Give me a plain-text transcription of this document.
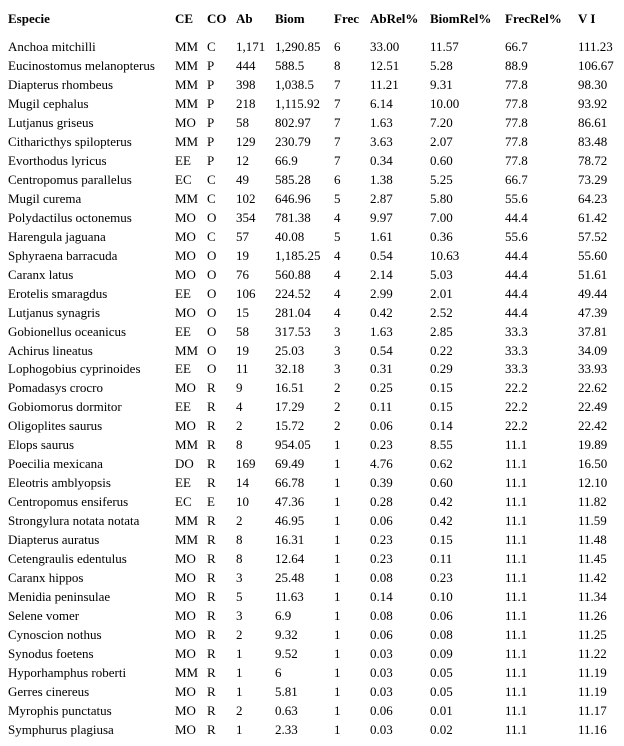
Especie	CE CO Ab Biom Frec AbRel% BiomRel% FrecRel% V I
Anchoa mitchilli	MM C 1,171 1,290.85 6 33.00 11.57	66.7	111.23
Eucinostomus melanopterus MM P 444 588.5 8 12.51 5.28	88.9	106.67
Diapterus rhombeus	MM P 398 1,038.5 7 11.21 9.31	77.8	98.30
Mugil cephalus	MM P 218 1,115.92 7 6.14	10.00	77.8	93.92
Lutjanus griseus	MO P 58 802.97 7 1.63	7.20	77.8	86.61
Citharicthys spilopterus	MM P 129 230.79 7 3.63	2.07	77.8	83.48
Evorthodus lyricus	EE P 12 66.9	7 0.34	0.60	77.8	78.72
Centropomus parallelus	EC C 49 585.28 6 1.38	5.25	66.7	73.29
Mugil curema	MM C 102 646.96 5 2.87	5.80	55.6	64.23
Polydactilus octonemus	MO O 354 781.38 4 9.97	7.00	44.4	61.42
Harengula jaguana	MO C 57 40.08 5 1.61	0.36	55.6	57.52
Sphyraena barracuda	MO O 19 1,185.25 4 0.54	10.63	44.4	55.60
Caranx latus	MO O 76 560.88 4 2.14	5.03	44.4	51.61
Erotelis smaragdus	EE O 106 224.52 4 2.99	2.01	44.4	49.44
Lutjanus synagris	MO O 15 281.04 4 0.42	2.52	44.4	47.39
Gobionellus oceanicus	EE O 58 317.53 3 1.63	2.85	33.3	37.81
Achirus lineatus	MM O 19 25.03 3 0.54	0.22	33.3	34.09
Lophogobius cyprinoides	EE O 11 32.18 3 0.31	0.29	33.3	33.93
Pomadasys crocro	MO R 9	16.51 2 0.25	0.15	22.2	22.62
Gobiomorus dormitor	EE R 4	17.29 2 0.11	0.15	22.2	22.49
Oligoplites saurus	MO R 2	15.72 2 0.06	0.14	22.2	22.42
Elops saurus	MM R 8	954.05 1 0.23	8.55	11.1	19.89
Poecilia mexicana	DO R 169 69.49 1 4.76	0.62	11.1	16.50
Eleotris amblyopsis	EE R 14 66.78 1 0.39	0.60	11.1	12.10
Centropomus ensiferus	EC E 10 47.36 1 0.28	0.42	11.1	11.82
Strongylura notata notata	MM R 2	46.95 1 0.06	0.42	11.1	11.59
Diapterus auratus	MM R 8	16.31 1 0.23	0.15	11.1	11.48
Cetengraulis edentulus	MO R 8	12.64 1 0.23	0.11	11.1	11.45
Caranx hippos	MO R 3	25.48 1 0.08	0.23	11.1	11.42
Menidia peninsulae	MO R 5	11.63 1 0.14	0.10	11.1	11.34
Selene vomer	MO R 3	6.9	1 0.08	0.06	11.1	11.26
Cynoscion nothus	MO R 2	9.32	1 0.06	0.08	11.1	11.25
Synodus foetens	MO R 1	9.52	1 0.03	0.09	11.1	11.22
Hyporhamphus roberti	MM R 1	6	1 0.03	0.05	11.1	11.19
Gerres cinereus	MO R 1	5.81	1 0.03	0.05	11.1	11.19
Myrophis punctatus	MO R 2	0.63	1 0.06	0.01	11.1	11.17
Symphurus plagiusa	MO R 1	2.33	1 0.03	0.02	11.1	11.16
